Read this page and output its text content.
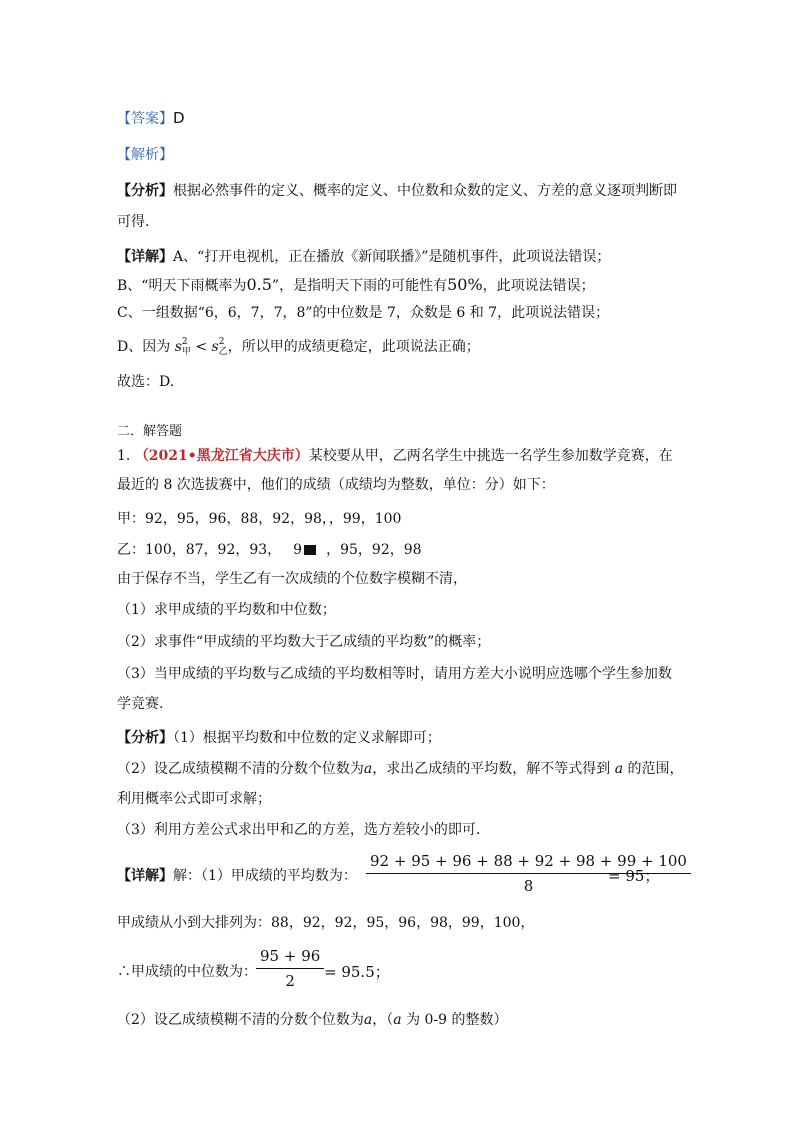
【答案】D
【解析】
【分析】根据必然事件的定义、概率的定义、中位数和众数的定义、方差的意义逐项判断即
可得.
【详解】A、“打开电视机，正在播放《新闻联播》”是随机事件，此项说法错误；
B、“明天下雨概率为0.5”，是指明天下雨的可能性有50%，此项说法错误；
C、一组数据“6，6，7，7，8”的中位数是 7，众数是 6 和 7，此项说法错误；
D、因为 s 2
甲 < s 2
乙 ，所以甲的成绩更稳定，此项说法正确；
故选：D.
二．解答题
1. （2021•黑龙江省大庆市）某校要从甲，乙两名学生中挑选一名学生参加数学竞赛，在
最近的 8 次选拔赛中，他们的成绩（成绩均为整数，单位：分）如下：
甲：92，95，96，88，92，98，，99，100
乙：100，87，92，93， 9 ，95，92，98
由于保存不当，学生乙有一次成绩的个位数字模糊不清，
（1）求甲成绩的平均数和中位数；
（2）求事件“甲成绩的平均数大于乙成绩的平均数”的概率；
（3）当甲成绩的平均数与乙成绩的平均数相等时，请用方差大小说明应选哪个学生参加数
学竞赛.
【分析】（1）根据平均数和中位数的定义求解即可；
（2）设乙成绩模糊不清的分数个位数为a，求出乙成绩的平均数，解不等式得到 a 的范围，
利用概率公式即可求解；
（3）利用方差公式求出甲和乙的方差，选方差较小的即可.
【详解】解：（1）甲成绩的平均数为： $\frac{92 + 95 + 96 + 88 + 92 + 98 + 99 + 100}{8}$
= 95；
甲成绩从小到大排列为：88，92，92，95，96，98，99，100，
∴甲成绩的中位数为： $\frac{95 + 96}{2} = 95.5$；
（2）设乙成绩模糊不清的分数个位数为a，（a 为 0-9 的整数）
